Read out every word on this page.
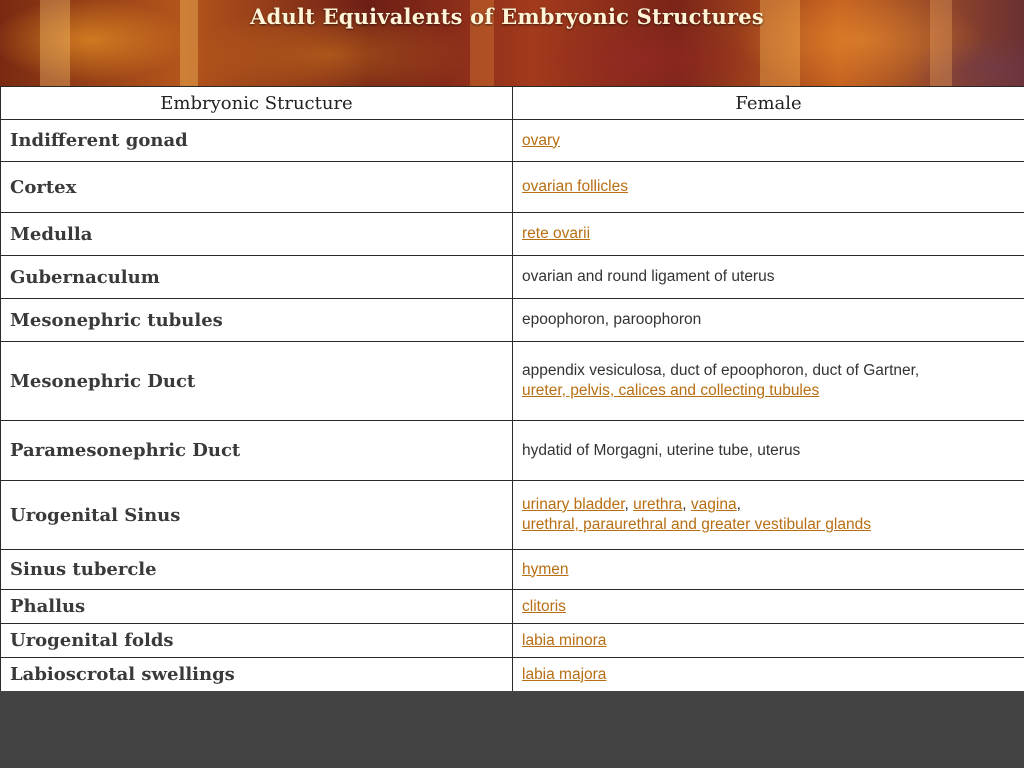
Adult Equivalents of Embryonic Structures
Embryonic Structure	Female
Indifferent gonad	ovary
Cortex	ovarian follicles
Medulla	rete ovarii
Gubernaculum	ovarian and round ligament of uterus
Mesonephric tubules	epoophoron, paroophoron
Mesonephric Duct	appendix vesiculosa, duct of epoophoron, duct of Gartner,
ureter, pelvis, calices and collecting tubules
Paramesonephric Duct	hydatid of Morgagni, uterine tube, uterus
Urogenital Sinus	urinary bladder, urethra, vagina,
urethral, paraurethral and greater vestibular glands
Sinus tubercle	hymen
Phallus	clitoris
Urogenital folds	labia minora
Labioscrotal swellings	labia majora
